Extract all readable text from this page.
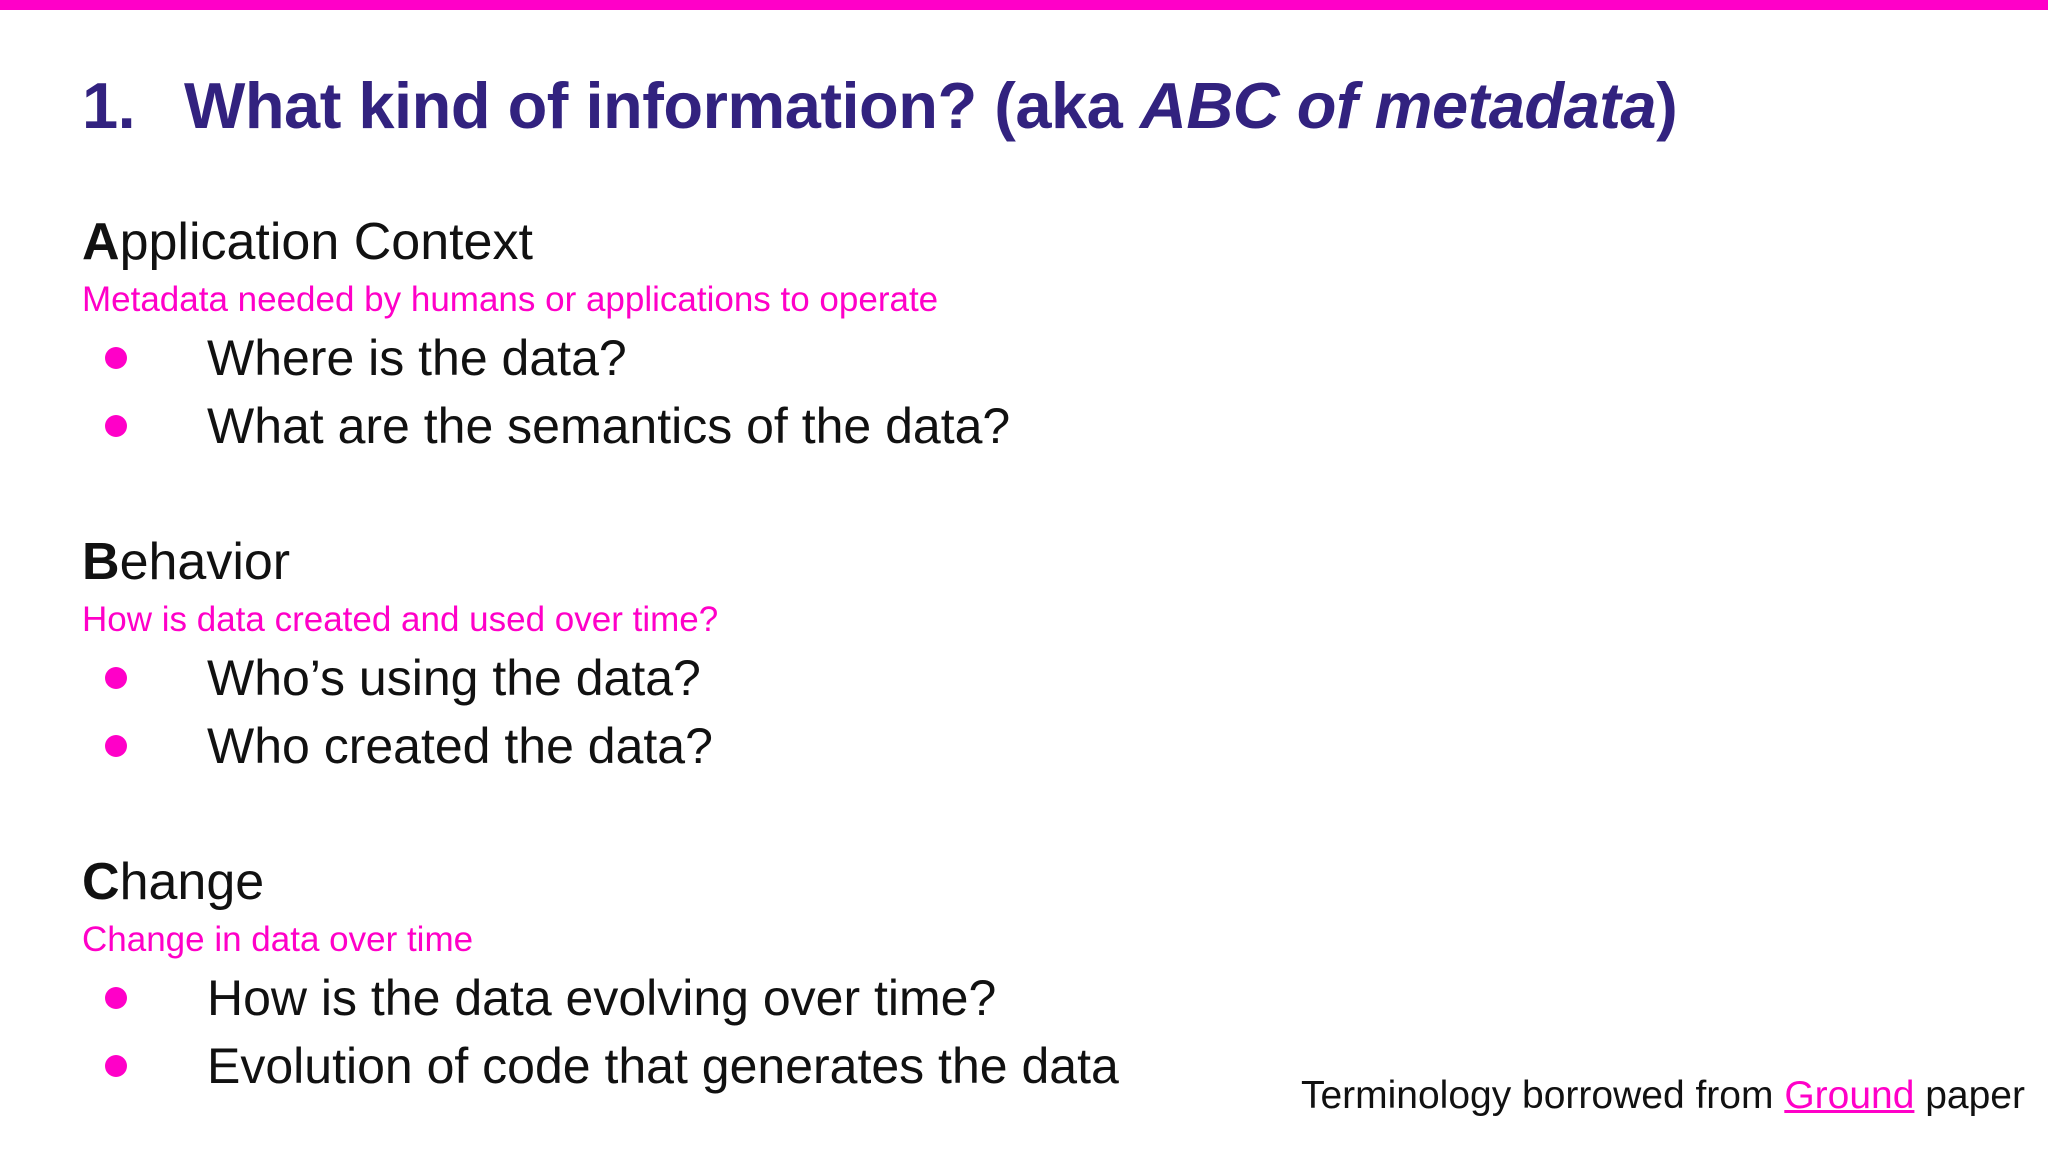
1. What kind of information? (aka ABC of metadata)
Application Context
Metadata needed by humans or applications to operate
Where is the data?
What are the semantics of the data?
Behavior
How is data created and used over time?
Who’s using the data?
Who created the data?
Change
Change in data over time
How is the data evolving over time?
Evolution of code that generates the data
Terminology borrowed from Ground paper
